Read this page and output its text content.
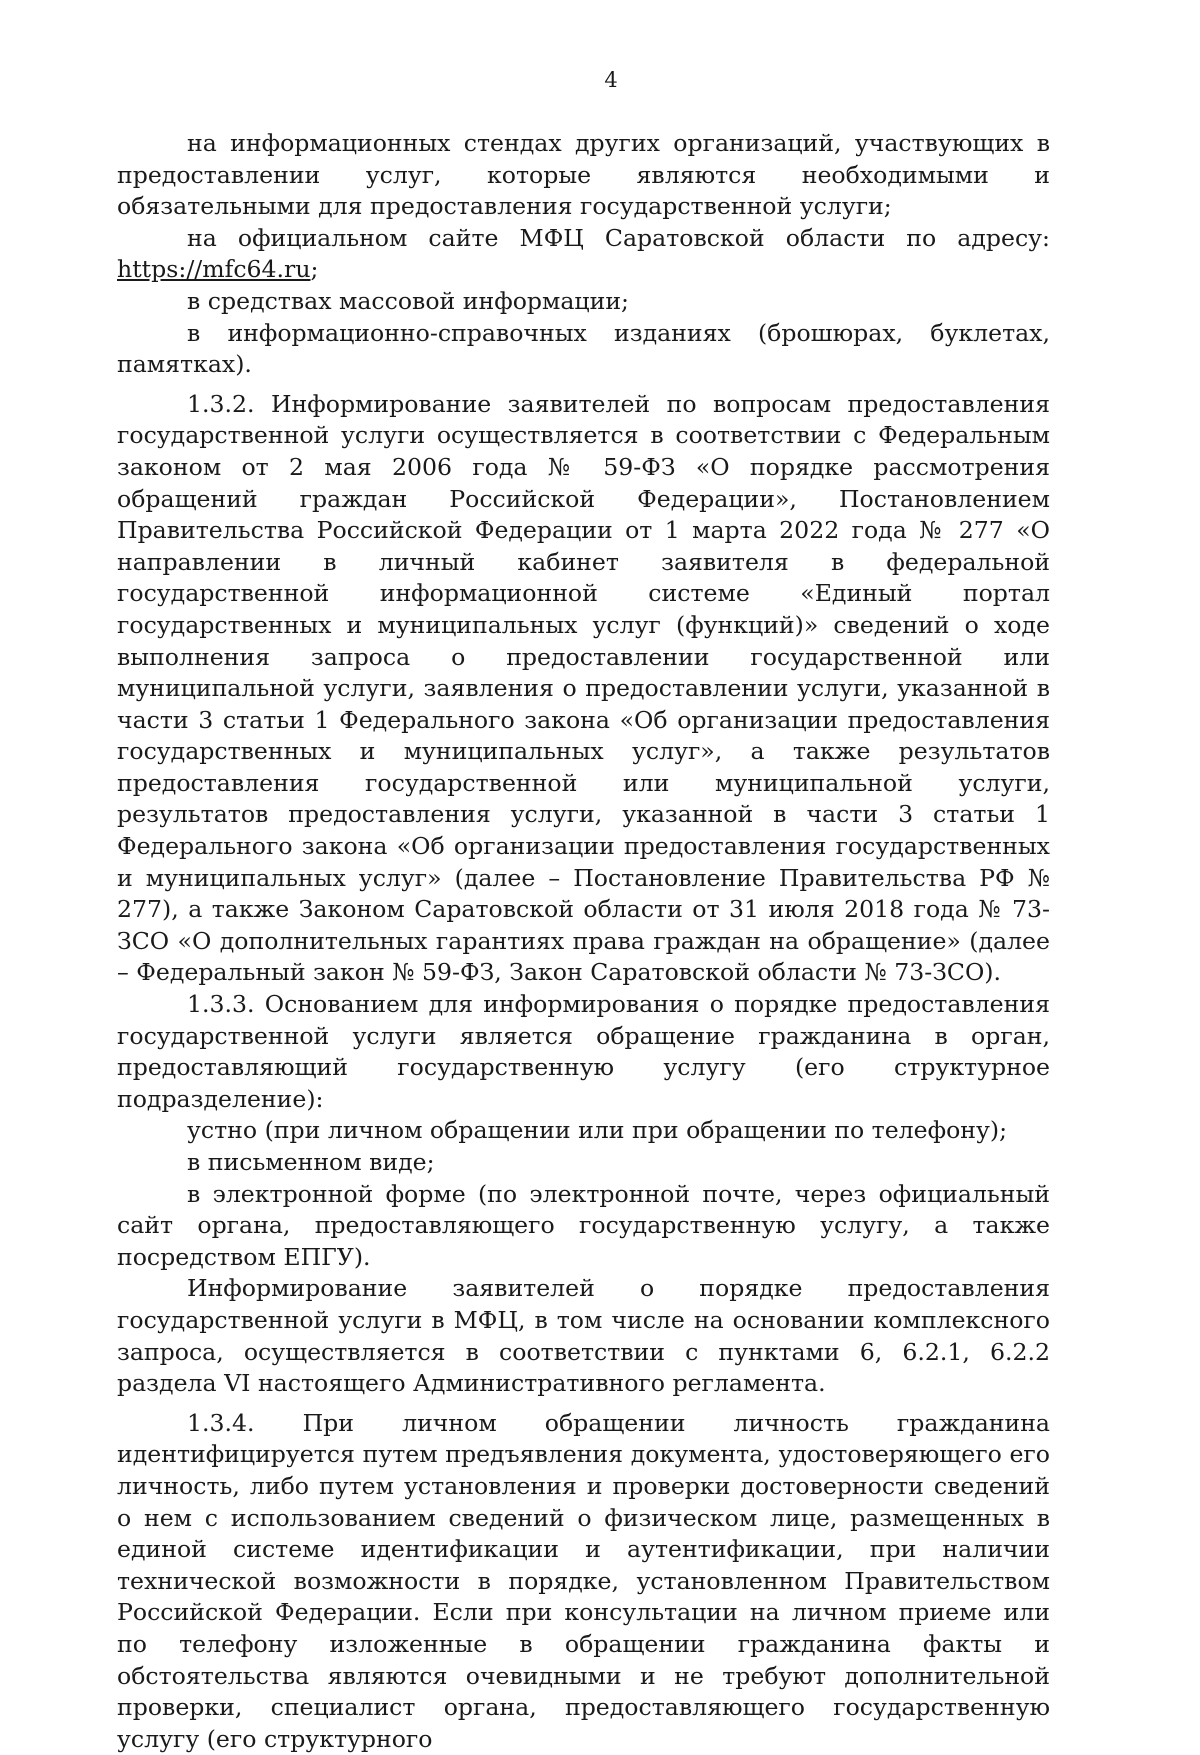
4

на информационных стендах других организаций, участвующих в предоставлении услуг, которые являются необходимыми и обязательными для предоставления государственной услуги;

на официальном сайте МФЦ Саратовской области по адресу: https://mfc64.ru;

в средствах массовой информации;

в информационно-справочных изданиях (брошюрах, буклетах, памятках).

1.3.2. Информирование заявителей по вопросам предоставления государственной услуги осуществляется в соответствии с Федеральным законом от 2 мая 2006 года № 59-ФЗ «О порядке рассмотрения обращений граждан Российской Федерации», Постановлением Правительства Российской Федерации от 1 марта 2022 года № 277 «О направлении в личный кабинет заявителя в федеральной государственной информационной системе «Единый портал государственных и муниципальных услуг (функций)» сведений о ходе выполнения запроса о предоставлении государственной или муниципальной услуги, заявления о предоставлении услуги, указанной в части 3 статьи 1 Федерального закона «Об организации предоставления государственных и муниципальных услуг», а также результатов предоставления государственной или муниципальной услуги, результатов предоставления услуги, указанной в части 3 статьи 1 Федерального закона «Об организации предоставления государственных и муниципальных услуг» (далее – Постановление Правительства РФ № 277), а также Законом Саратовской области от 31 июля 2018 года № 73-ЗСО «О дополнительных гарантиях права граждан на обращение» (далее – Федеральный закон № 59-ФЗ, Закон Саратовской области № 73-ЗСО).

1.3.3. Основанием для информирования о порядке предоставления государственной услуги является обращение гражданина в орган, предоставляющий государственную услугу (его структурное подразделение):

устно (при личном обращении или при обращении по телефону);

в письменном виде;

в электронной форме (по электронной почте, через официальный сайт органа, предоставляющего государственную услугу, а также посредством ЕПГУ).

Информирование заявителей о порядке предоставления государственной услуги в МФЦ, в том числе на основании комплексного запроса, осуществляется в соответствии с пунктами 6, 6.2.1, 6.2.2 раздела VI настоящего Административного регламента.

1.3.4. При личном обращении личность гражданина идентифицируется путем предъявления документа, удостоверяющего его личность, либо путем установления и проверки достоверности сведений о нем с использованием сведений о физическом лице, размещенных в единой системе идентификации и аутентификации, при наличии технической возможности в порядке, установленном Правительством Российской Федерации. Если при консультации на личном приеме или по телефону изложенные в обращении гражданина факты и обстоятельства являются очевидными и не требуют дополнительной проверки, специалист органа, предоставляющего государственную услугу (его структурного
